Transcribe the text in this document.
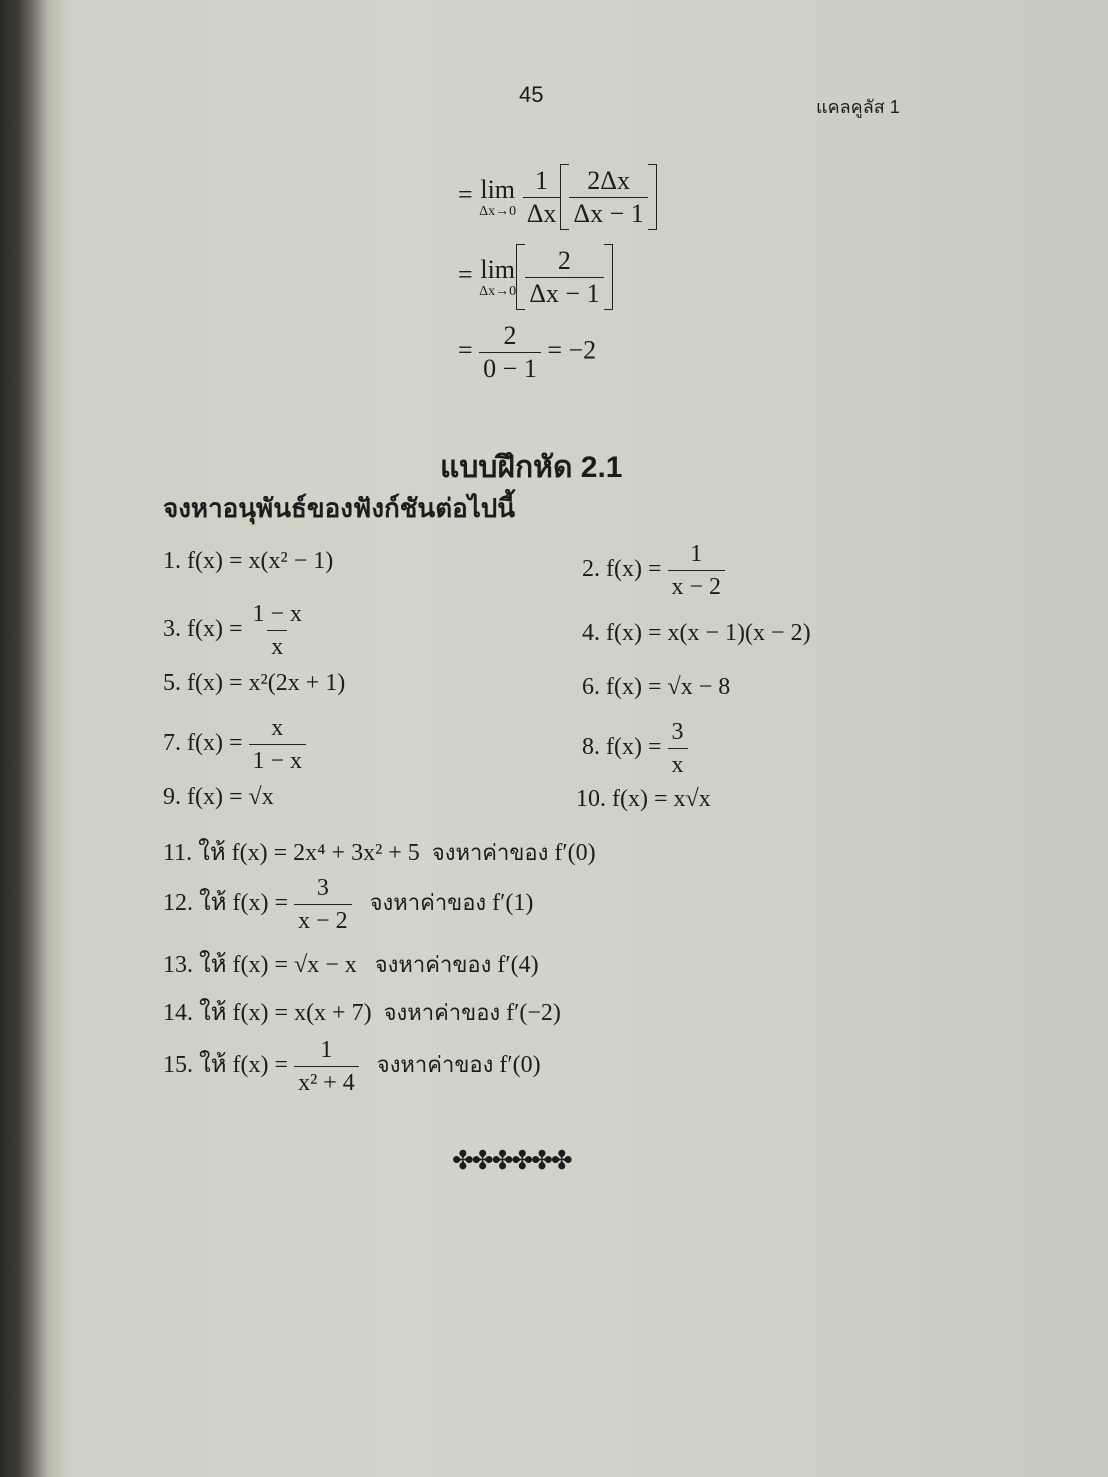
45	แคลคูลัส 1
= lim
Δx→0
$\frac{1}{\Delta x} \frac{2\Delta x}{\Delta x - 1}$
= lim
$\Delta x\to 0 \frac{2}{\Delta x - 1}$
= $\frac{2}{0 - 1} = -2$
แบบฝึกหัด 2.1
จงหาอนุพันธ์ของฟังก์ชันต่อไปนี้
1. f(x) = x(x² − 1)
3. $f(x) = \frac{1 - x}{x}$
5. f(x) = x²(2x + 1)
7. $f(x) = \frac{x}{1 - x}$
9. f(x) = √x
2. $f(x) = \frac{1}{x - 2}$
4. f(x) = x(x − 1)(x − 2)
6. f(x) = √x − 8
8. $f(x) = \frac{3}{x}$
10. f(x) = x√x
11. ให้ f(x) = 2x⁴ + 3x² + 5 จงหาค่าของ f′(0)
12. ให้ $f(x) = \frac{3}{x - 2}$ จงหาค่าของ f′(1)
13. ให้ f(x) = √x − x จงหาค่าของ f′(4)
14. ให้ f(x) = x(x + 7) จงหาค่าของ f′(−2)
15. ให้ $f(x) = \frac{1}{\text{x² + 4}}$ จงหาค่าของ f′(0)
✤✤✤✤✤✤
